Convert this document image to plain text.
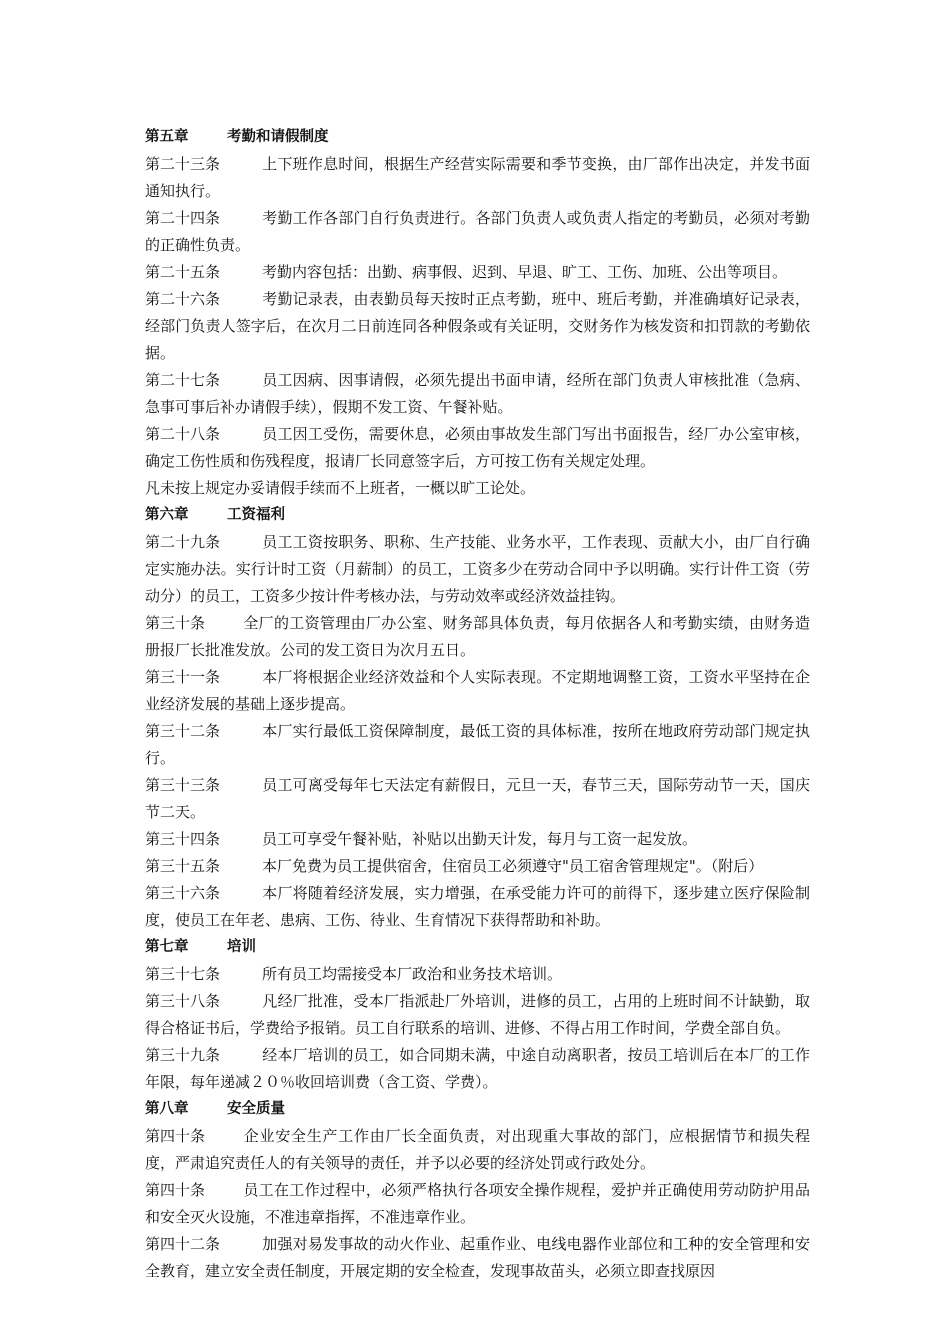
第五章	考勤和请假制度
第二十三条	上下班作息时间，根据生产经营实际需要和季节变换，由厂部作出决定，并发书面通知执行。
第二十四条	考勤工作各部门自行负责进行。各部门负责人或负责人指定的考勤员，必须对考勤的正确性负责。
第二十五条	考勤内容包括：出勤、病事假、迟到、早退、旷工、工伤、加班、公出等项目。
第二十六条	考勤记录表，由表勤员每天按时正点考勤，班中、班后考勤，并准确填好记录表，经部门负责人签字后，在次月二日前连同各种假条或有关证明，交财务作为核发资和扣罚款的考勤依据。
第二十七条	员工因病、因事请假，必须先提出书面申请，经所在部门负责人审核批准（急病、急事可事后补办请假手续），假期不发工资、午餐补贴。
第二十八条	员工因工受伤，需要休息，必须由事故发生部门写出书面报告，经厂办公室审核，确定工伤性质和伤残程度，报请厂长同意签字后，方可按工伤有关规定处理。
凡未按上规定办妥请假手续而不上班者，一概以旷工论处。
第六章	工资福利
第二十九条	员工工资按职务、职称、生产技能、业务水平，工作表现、贡献大小，由厂自行确定实施办法。实行计时工资（月薪制）的员工，工资多少在劳动合同中予以明确。实行计件工资（劳动分）的员工，工资多少按计件考核办法，与劳动效率或经济效益挂钩。
第三十条	全厂的工资管理由厂办公室、财务部具体负责，每月依据各人和考勤实绩，由财务造册报厂长批准发放。公司的发工资日为次月五日。
第三十一条	本厂将根据企业经济效益和个人实际表现。不定期地调整工资，工资水平坚持在企业经济发展的基础上逐步提高。
第三十二条	本厂实行最低工资保障制度，最低工资的具体标准，按所在地政府劳动部门规定执行。
第三十三条	员工可离受每年七天法定有薪假日，元旦一天，春节三天，国际劳动节一天，国庆节二天。
第三十四条	员工可享受午餐补贴，补贴以出勤天计发，每月与工资一起发放。
第三十五条	本厂免费为员工提供宿舍，住宿员工必须遵守"员工宿舍管理规定"。（附后）
第三十六条	本厂将随着经济发展，实力增强，在承受能力许可的前得下，逐步建立医疗保险制度，使员工在年老、患病、工伤、待业、生育情况下获得帮助和补助。
第七章	培训
第三十七条	所有员工均需接受本厂政治和业务技术培训。
第三十八条	凡经厂批准，受本厂指派赴厂外培训，进修的员工，占用的上班时间不计缺勤，取得合格证书后，学费给予报销。员工自行联系的培训、进修、不得占用工作时间，学费全部自负。
第三十九条	经本厂培训的员工，如合同期未满，中途自动离职者，按员工培训后在本厂的工作年限，每年递减２０％收回培训费（含工资、学费）。
第八章	安全质量
第四十条	企业安全生产工作由厂长全面负责，对出现重大事故的部门，应根据情节和损失程度，严肃追究责任人的有关领导的责任，并予以必要的经济处罚或行政处分。
第四十条	员工在工作过程中，必须严格执行各项安全操作规程，爱护并正确使用劳动防护用品和安全灭火设施，不准违章指挥，不准违章作业。
第四十二条	加强对易发事故的动火作业、起重作业、电线电器作业部位和工种的安全管理和安全教育，建立安全责任制度，开展定期的安全检查，发现事故苗头，必须立即查找原因
